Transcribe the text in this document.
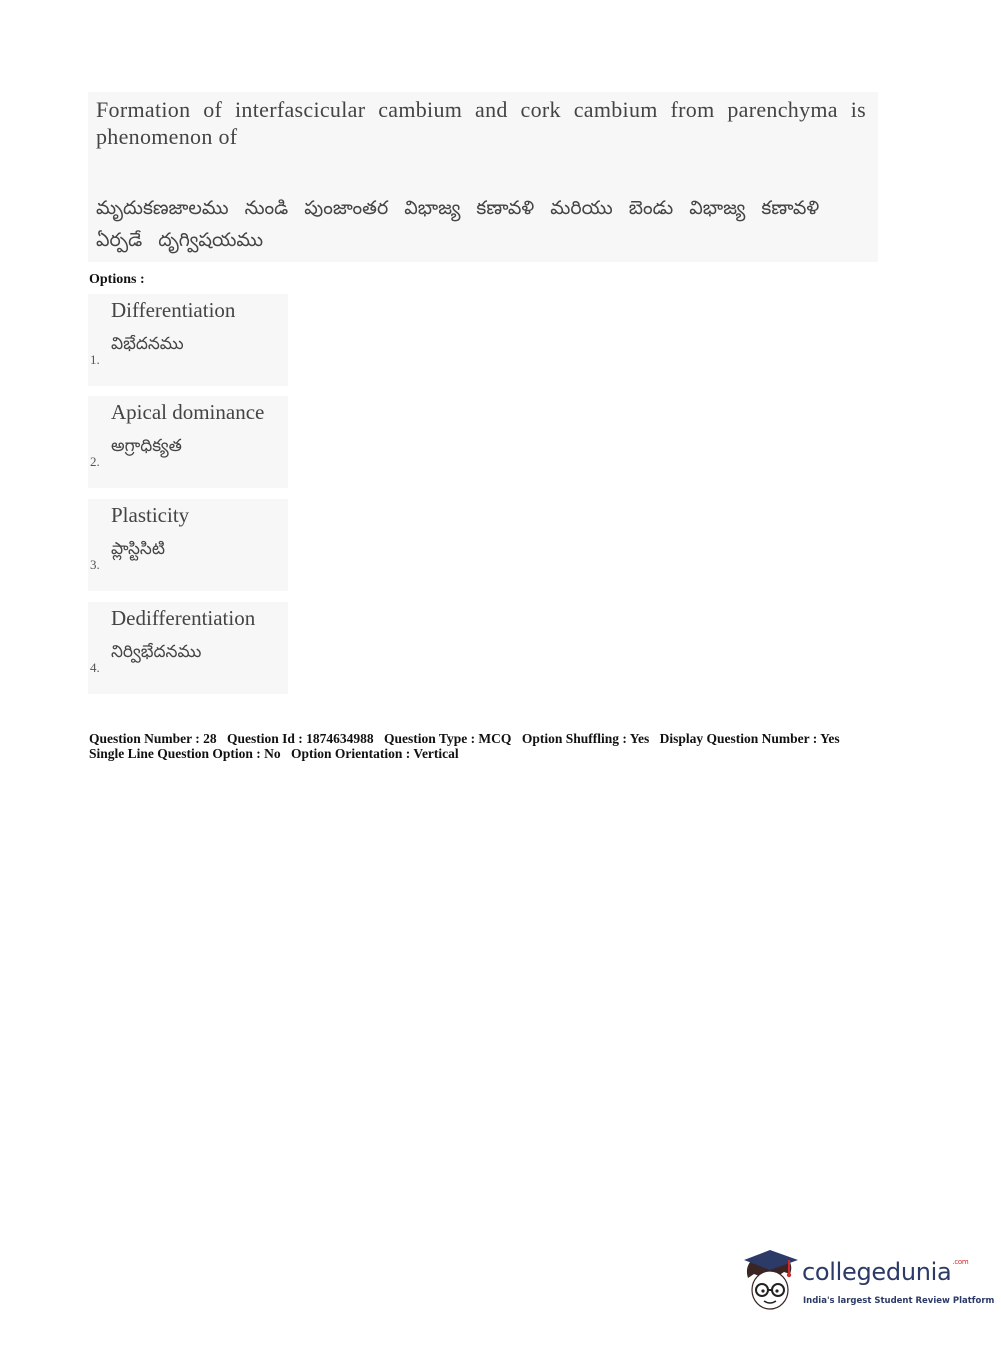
Formation of interfascicular cambium and cork cambium from parenchyma is phenomenon of
మృదుకణజాలము నుండి పుంజాంతర విభాజ్య కణావళి మరియు బెండు విభాజ్య కణావళి ఏర్పడే దృగ్విషయము
Options :
1.
Differentiation
విభేదనము
2.
Apical dominance
అగ్రాధిక్యత
3.
Plasticity
ప్లాస్టిసిటి
4.
Dedifferentiation
నిర్విభేదనము
Question Number : 28 Question Id : 1874634988 Question Type : MCQ Option Shuffling : Yes Display Question Number : Yes
Single Line Question Option : No Option Orientation : Vertical
collegedunia$^{.com}$
India's largest Student Review Platform
